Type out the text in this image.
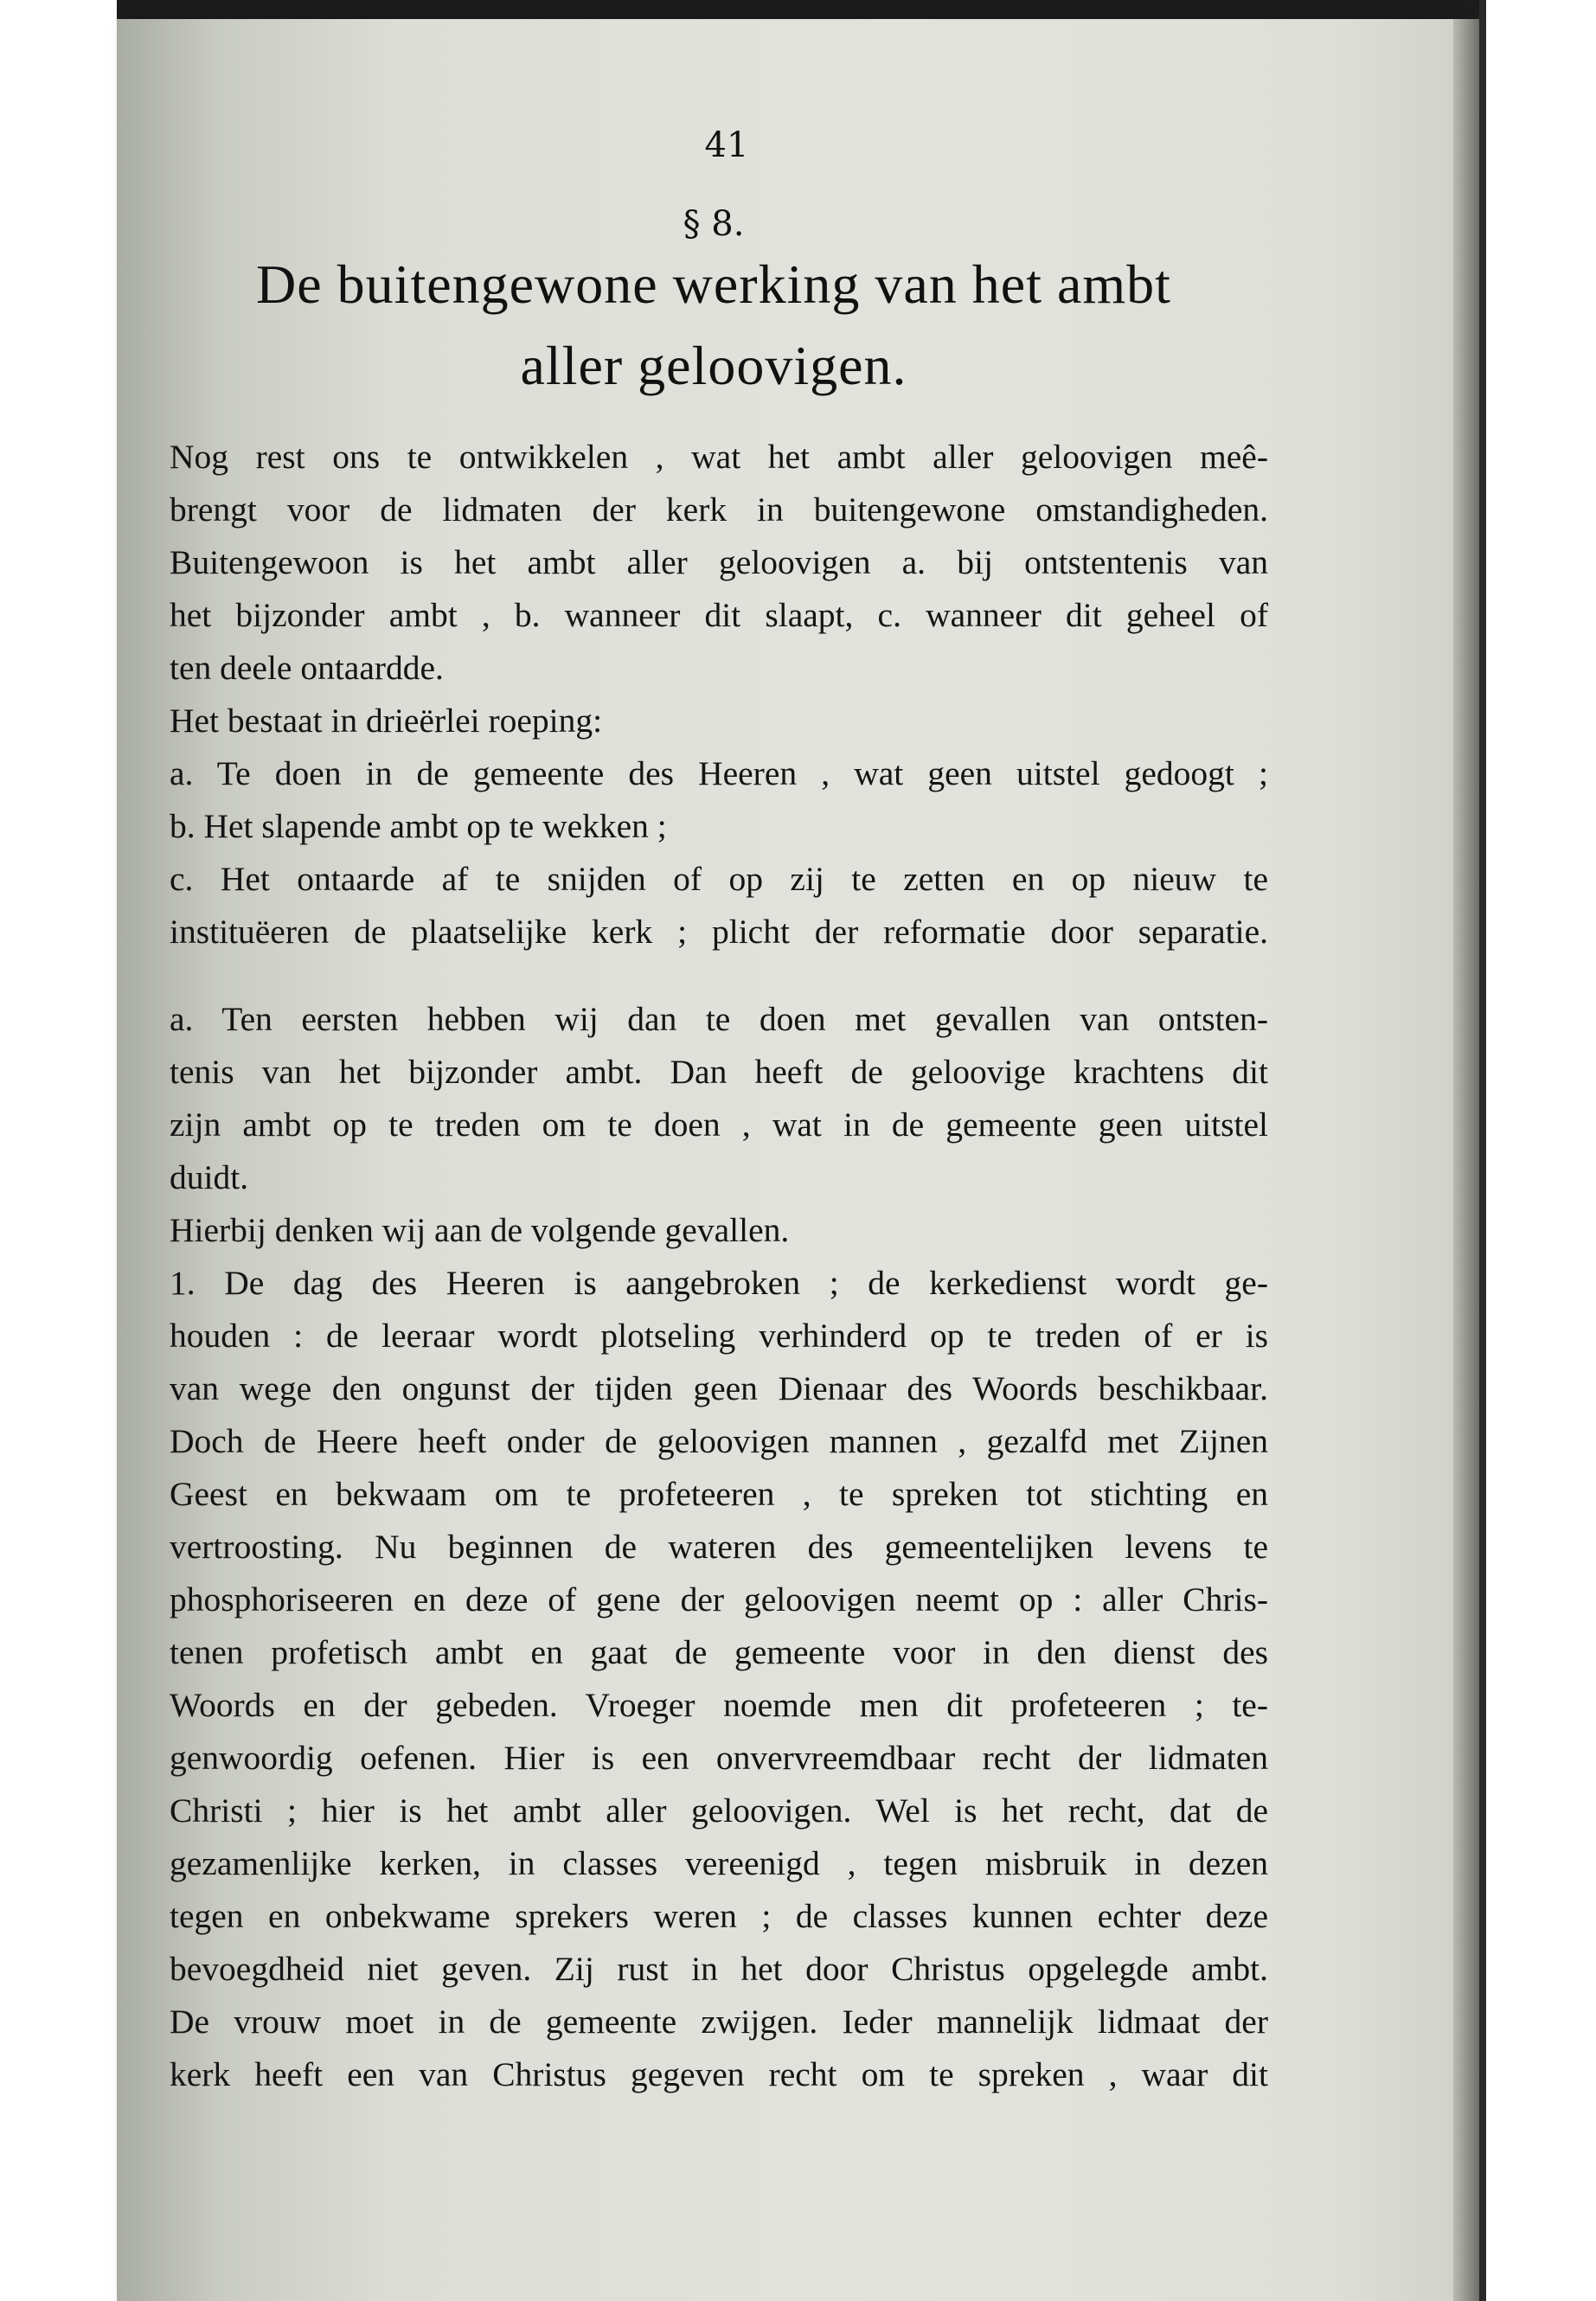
41
§ 8.
De buitengewone werking van het ambt
aller geloovigen.
Nog rest ons te ontwikkelen , wat het ambt aller geloovigen meê-
brengt voor de lidmaten der kerk in buitengewone omstandigheden.
Buitengewoon is het ambt aller geloovigen a. bij ontstentenis van
het bijzonder ambt , b. wanneer dit slaapt, c. wanneer dit geheel of
ten deele ontaardde.
Het bestaat in drieërlei roeping:
a. Te doen in de gemeente des Heeren , wat geen uitstel gedoogt ;
b. Het slapende ambt op te wekken ;
c. Het ontaarde af te snijden of op zij te zetten en op nieuw te
instituëeren de plaatselijke kerk ; plicht der reformatie door separatie.
a. Ten eersten hebben wij dan te doen met gevallen van ontsten-
tenis van het bijzonder ambt. Dan heeft de geloovige krachtens dit
zijn ambt op te treden om te doen , wat in de gemeente geen uitstel
duidt.
Hierbij denken wij aan de volgende gevallen.
1. De dag des Heeren is aangebroken ; de kerkedienst wordt ge-
houden : de leeraar wordt plotseling verhinderd op te treden of er is
van wege den ongunst der tijden geen Dienaar des Woords beschikbaar.
Doch de Heere heeft onder de geloovigen mannen , gezalfd met Zijnen
Geest en bekwaam om te profeteeren , te spreken tot stichting en
vertroosting. Nu beginnen de wateren des gemeentelijken levens te
phosphoriseeren en deze of gene der geloovigen neemt op : aller Chris-
tenen profetisch ambt en gaat de gemeente voor in den dienst des
Woords en der gebeden. Vroeger noemde men dit profeteeren ; te-
genwoordig oefenen. Hier is een onvervreemdbaar recht der lidmaten
Christi ; hier is het ambt aller geloovigen. Wel is het recht, dat de
gezamenlijke kerken, in classes vereenigd , tegen misbruik in dezen
tegen en onbekwame sprekers weren ; de classes kunnen echter deze
bevoegdheid niet geven. Zij rust in het door Christus opgelegde ambt.
De vrouw moet in de gemeente zwijgen. Ieder mannelijk lidmaat der
kerk heeft een van Christus gegeven recht om te spreken , waar dit
